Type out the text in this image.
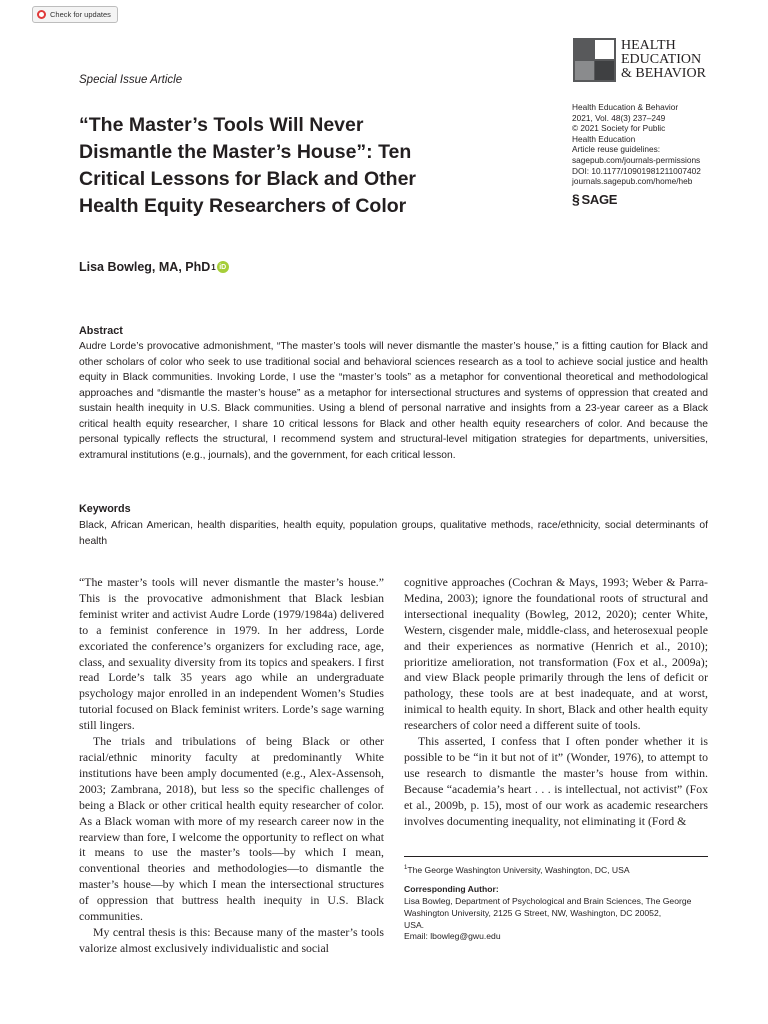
Check for updates
Special Issue Article
HEALTH
EDUCATION
& BEHAVIOR
“The Master’s Tools Will Never
Dismantle the Master’s House”: Ten
Critical Lessons for Black and Other
Health Equity Researchers of Color
Health Education & Behavior
2021, Vol. 48(3) 237–249
© 2021 Society for Public
Health Education
Article reuse guidelines:
sagepub.com/journals-permissions
DOI: 10.1177/10901981211007402
journals.sagepub.com/home/heb
§ SAGE
Lisa Bowleg, MA, PhD 1 iD
Abstract

Audre Lorde’s provocative admonishment, “The master’s tools will never dismantle the master’s house,” is a fitting caution for Black and other scholars of color who seek to use traditional social and behavioral sciences research as a tool to achieve social justice and health equity in Black communities. Invoking Lorde, I use the “master’s tools” as a metaphor for conventional theoretical and methodological approaches and “dismantle the master’s house” as a metaphor for intersectional structures and systems of oppression that created and sustain health inequity in U.S. Black communities. Using a blend of personal narrative and insights from a 23-year career as a Black critical health equity researcher, I share 10 critical lessons for Black and other health equity researchers of color. And because the personal typically reflects the structural, I recommend system and structural-level mitigation strategies for departments, universities, extramural institutions (e.g., journals), and the government, for each critical lesson.

Keywords

Black, African American, health disparities, health equity, population groups, qualitative methods, race/ethnicity, social determinants of health

“The master’s tools will never dismantle the master’s house.” This is the provocative admonishment that Black lesbian feminist writer and activist Audre Lorde (1979/1984a) delivered to a feminist conference in 1979. In her address, Lorde excoriated the conference’s organizers for excluding race, age, class, and sexuality diversity from its topics and speakers. I first read Lorde’s talk 35 years ago while an undergraduate psychology major enrolled in an independent Women’s Studies tutorial focused on Black feminist writers. Lorde’s sage warning still lingers.

The trials and tribulations of being Black or other racial/ethnic minority faculty at predominantly White institutions have been amply documented (e.g., Alex-Assensoh, 2003; Zambrana, 2018), but less so the specific challenges of being a Black or other critical health equity researcher of color. As a Black woman with more of my research career now in the rearview than fore, I welcome the opportunity to reflect on what it means to use the master’s tools—by which I mean, conventional theories and methodologies—to dismantle the master’s house—by which I mean the intersectional structures of oppression that buttress health inequity in U.S. Black communities.

My central thesis is this: Because many of the master’s tools valorize almost exclusively individualistic and social

cognitive approaches (Cochran & Mays, 1993; Weber & Parra-Medina, 2003); ignore the foundational roots of structural and intersectional inequality (Bowleg, 2012, 2020); center White, Western, cisgender male, middle-class, and heterosexual people and their experiences as normative (Henrich et al., 2010); prioritize amelioration, not transformation (Fox et al., 2009a); and view Black people primarily through the lens of deficit or pathology, these tools are at best inadequate, and at worst, inimical to health equity. In short, Black and other health equity researchers of color need a different suite of tools.

This asserted, I confess that I often ponder whether it is possible to be “in it but not of it” (Wonder, 1976), to attempt to use research to dismantle the master’s house from within. Because “academia’s heart . . . is intellectual, not activist” (Fox et al., 2009b, p. 15), most of our work as academic researchers involves documenting inequality, not eliminating it (Ford &

$^1$The George Washington University, Washington, DC, USA
Corresponding Author:
Lisa Bowleg, Department of Psychological and Brain Sciences, The George
Washington University, 2125 G Street, NW, Washington, DC 20052,
USA.
Email: lbowleg@gwu.edu
